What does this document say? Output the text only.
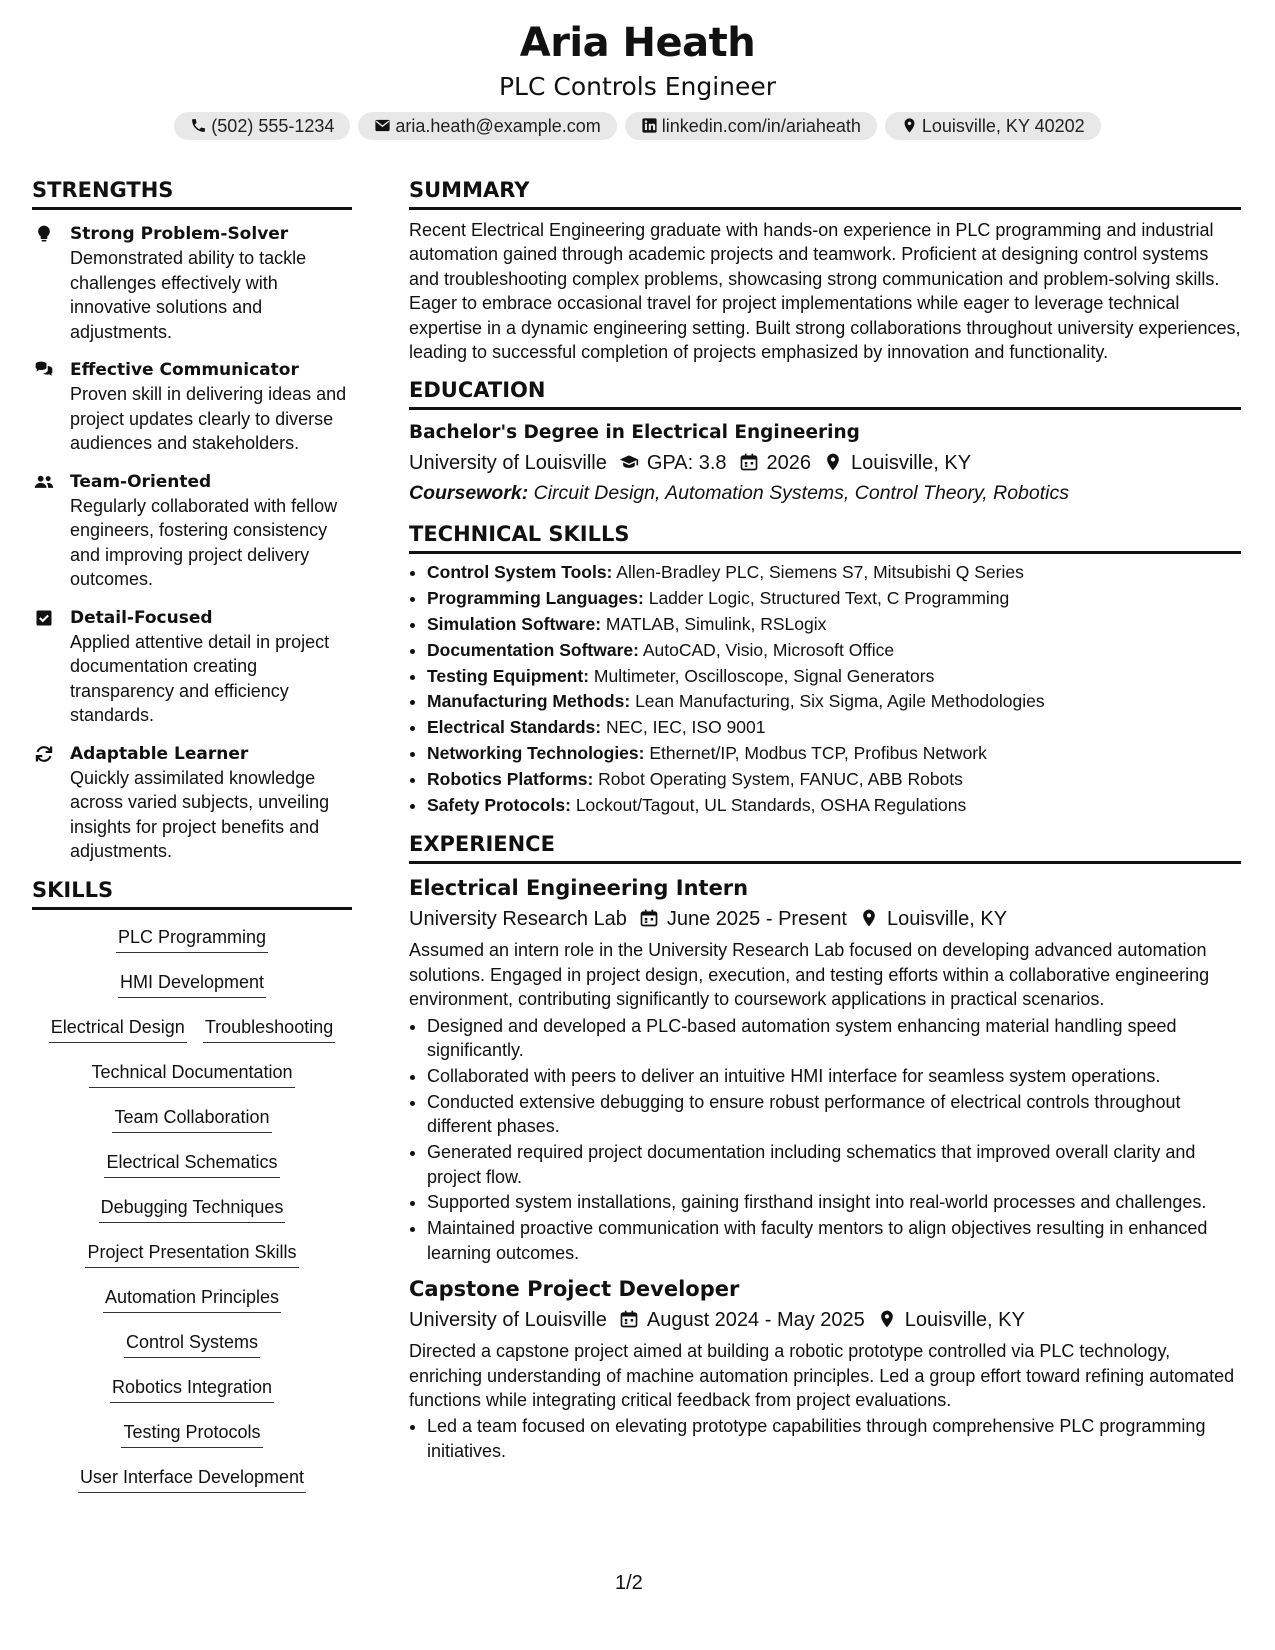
Aria Heath
PLC Controls Engineer
(502) 555-1234	aria.heath@example.com	linkedin.com/in/ariaheath	Louisville, KY 40202
STRENGTHS

Strong Problem-Solver

Demonstrated ability to tackle challenges effectively with innovative solutions and adjustments.

Effective Communicator

Proven skill in delivering ideas and project updates clearly to diverse audiences and stakeholders.

Team-Oriented

Regularly collaborated with fellow engineers, fostering consistency and improving project delivery outcomes.

Detail-Focused

Applied attentive detail in project documentation creating transparency and efficiency standards.

Adaptable Learner

Quickly assimilated knowledge across varied subjects, unveiling insights for project benefits and adjustments.

SKILLS
PLC Programming
HMI Development
Electrical Design Troubleshooting
Technical Documentation
Team Collaboration
Electrical Schematics
Debugging Techniques
Project Presentation Skills
Automation Principles
Control Systems
Robotics Integration
Testing Protocols
User Interface Development
SUMMARY

Recent Electrical Engineering graduate with hands-on experience in PLC programming and industrial automation gained through academic projects and teamwork. Proficient at designing control systems and troubleshooting complex problems, showcasing strong communication and problem-solving skills. Eager to embrace occasional travel for project implementations while eager to leverage technical expertise in a dynamic engineering setting. Built strong collaborations throughout university experiences, leading to successful completion of projects emphasized by innovation and functionality.

EDUCATION

Bachelor's Degree in Electrical Engineering

University of Louisville GPA: 3.8 2026 Louisville, KY

Coursework: Circuit Design, Automation Systems, Control Theory, Robotics

TECHNICAL SKILLS
• Control System Tools: Allen-Bradley PLC, Siemens S7, Mitsubishi Q Series
• Programming Languages: Ladder Logic, Structured Text, C Programming
• Simulation Software: MATLAB, Simulink, RSLogix
• Documentation Software: AutoCAD, Visio, Microsoft Office
• Testing Equipment: Multimeter, Oscilloscope, Signal Generators
• Manufacturing Methods: Lean Manufacturing, Six Sigma, Agile Methodologies
• Electrical Standards: NEC, IEC, ISO 9001
• Networking Technologies: Ethernet/IP, Modbus TCP, Profibus Network
• Robotics Platforms: Robot Operating System, FANUC, ABB Robots
• Safety Protocols: Lockout/Tagout, UL Standards, OSHA Regulations
EXPERIENCE

Electrical Engineering Intern

University Research Lab June 2025 - Present Louisville, KY

Assumed an intern role in the University Research Lab focused on developing advanced automation solutions. Engaged in project design, execution, and testing efforts within a collaborative engineering environment, contributing significantly to coursework applications in practical scenarios.

• Designed and developed a PLC-based automation system enhancing material handling speed significantly.
• Collaborated with peers to deliver an intuitive HMI interface for seamless system operations.
• Conducted extensive debugging to ensure robust performance of electrical controls throughout different phases.
• Generated required project documentation including schematics that improved overall clarity and project flow.
• Supported system installations, gaining firsthand insight into real-world processes and challenges.
• Maintained proactive communication with faculty mentors to align objectives resulting in enhanced learning outcomes.

Capstone Project Developer

University of Louisville August 2024 - May 2025 Louisville, KY

Directed a capstone project aimed at building a robotic prototype controlled via PLC technology, enriching understanding of machine automation principles. Led a group effort toward refining automated functions while integrating critical feedback from project evaluations.

• Led a team focused on elevating prototype capabilities through comprehensive PLC programming initiatives.
1/2
